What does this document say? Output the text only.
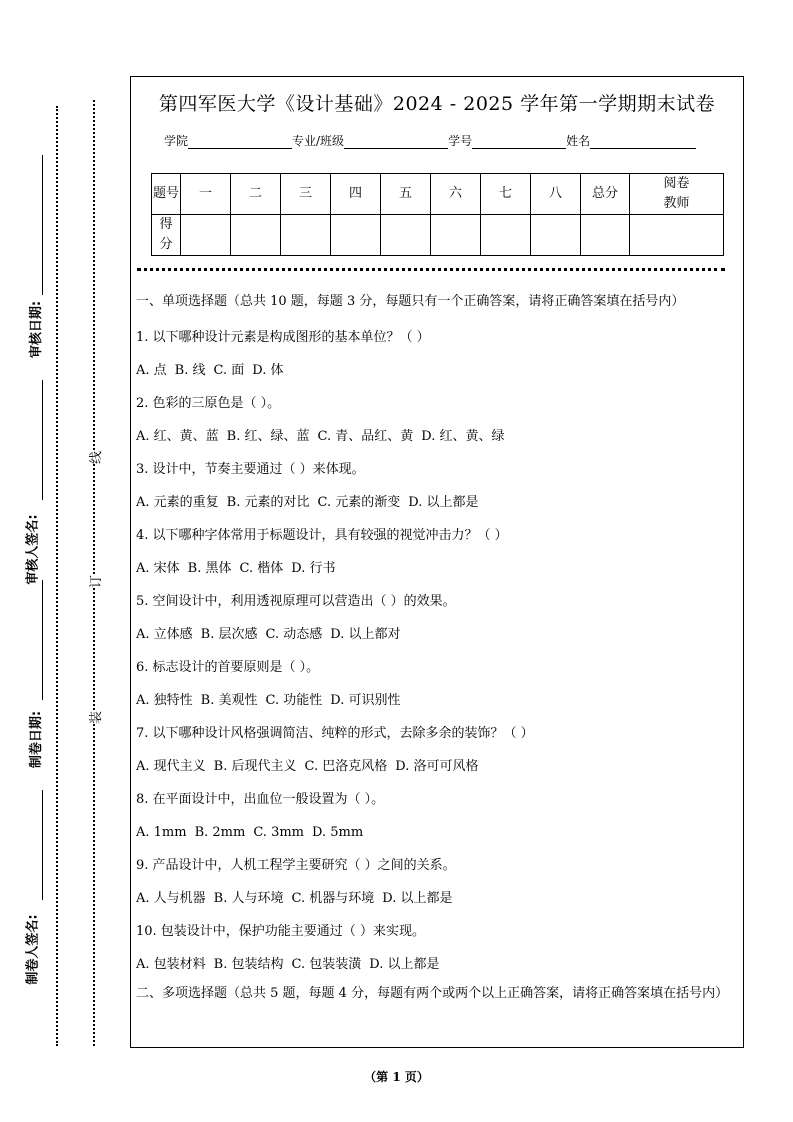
审核日期:
审核人签名:
制卷日期:
制卷人签名:
线
订
装
第四军医大学《设计基础》2024 - 2025 学年第一学期期末试卷
学院	专业/班级	学号	姓名
题号	一	二	三	四	五	六	七	八	总分	阅卷教师
得分										
一、单项选择题（总共 10 题，每题 3 分，每题只有一个正确答案，请将正确答案填在括号内）
1. 以下哪种设计元素是构成图形的基本单位？（ ）
A. 点 B. 线 C. 面 D. 体
2. 色彩的三原色是（ ）。
A. 红、黄、蓝 B. 红、绿、蓝 C. 青、品红、黄 D. 红、黄、绿
3. 设计中，节奏主要通过（ ）来体现。
A. 元素的重复 B. 元素的对比 C. 元素的渐变 D. 以上都是
4. 以下哪种字体常用于标题设计，具有较强的视觉冲击力？（ ）
A. 宋体 B. 黑体 C. 楷体 D. 行书
5. 空间设计中，利用透视原理可以营造出（ ）的效果。
A. 立体感 B. 层次感 C. 动态感 D. 以上都对
6. 标志设计的首要原则是（ ）。
A. 独特性 B. 美观性 C. 功能性 D. 可识别性
7. 以下哪种设计风格强调简洁、纯粹的形式，去除多余的装饰？（ ）
A. 现代主义 B. 后现代主义 C. 巴洛克风格 D. 洛可可风格
8. 在平面设计中，出血位一般设置为（ ）。
A. 1mm B. 2mm C. 3mm D. 5mm
9. 产品设计中，人机工程学主要研究（ ）之间的关系。
A. 人与机器 B. 人与环境 C. 机器与环境 D. 以上都是
10. 包装设计中，保护功能主要通过（ ）来实现。
A. 包装材料 B. 包装结构 C. 包装装潢 D. 以上都是
二、多项选择题（总共 5 题，每题 4 分，每题有两个或两个以上正确答案，请将正确答案填在括号内）
（第 1 页）
